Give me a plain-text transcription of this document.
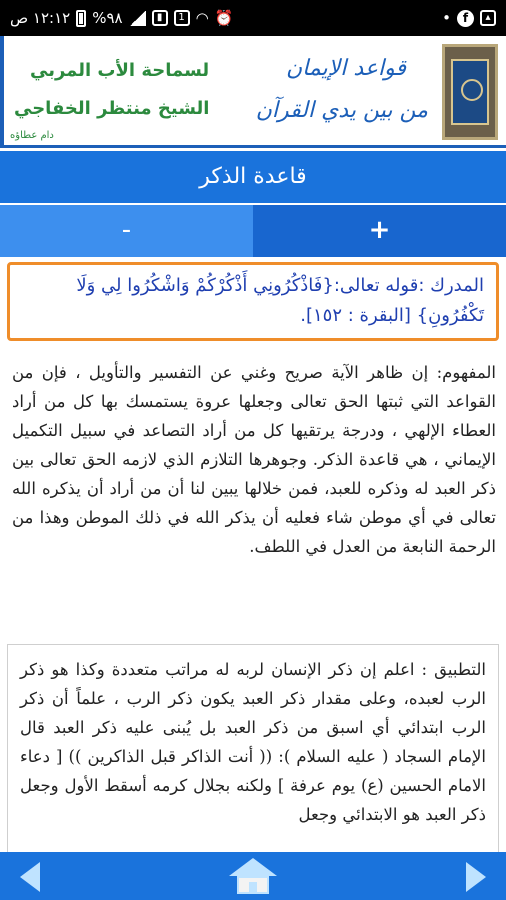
١٢:١٢ ص %٩٨	▮	1 ◠ ⏰	• f	▴
قواعد الإيمان
من بين يدي القرآن
لسماحة الأب المربي
الشيخ منتظر الخفاجي
دام عطاؤه
قاعدة الذكر
-	+
المدرك :قوله تعالى:{فَاذْكُرُونِي أَذْكُرْكُمْ وَاشْكُرُوا لِي وَلَا تَكْفُرُونِ} [البقرة : ١٥٢].
المفهوم: إن ظاهر الآية صريح وغني عن التفسير والتأويل ، فإن من القواعد التي ثبتها الحق تعالى وجعلها عروة يستمسك بها كل من أراد العطاء الإلهي ، ودرجة يرتقيها كل من أراد التصاعد في سبيل التكميل الإيماني ، هي قاعدة الذكر. وجوهرها التلازم الذي لازمه الحق تعالى بين ذكر العبد له وذكره للعبد، فمن خلالها يبين لنا أن من أراد أن يذكره الله تعالى في أي موطن شاء فعليه أن يذكر الله في ذلك الموطن وهذا من الرحمة النابعة من العدل في اللطف.
التطبيق : اعلم إن ذكر الإنسان لربه له مراتب متعددة وكذا هو ذكر الرب لعبده، وعلى مقدار ذكر العبد يكون ذكر الرب ، علماً أن ذكر الرب ابتدائي أي اسبق من ذكر العبد بل يُبنى عليه ذكر العبد قال الإمام السجاد ( عليه السلام ): (( أنت الذاكر قبل الذاكرين )) [ دعاء الامام الحسين (ع) يوم عرفة ] ولكنه بجلال كرمه أسقط الأول وجعل ذكر العبد هو الابتدائي وجعل
